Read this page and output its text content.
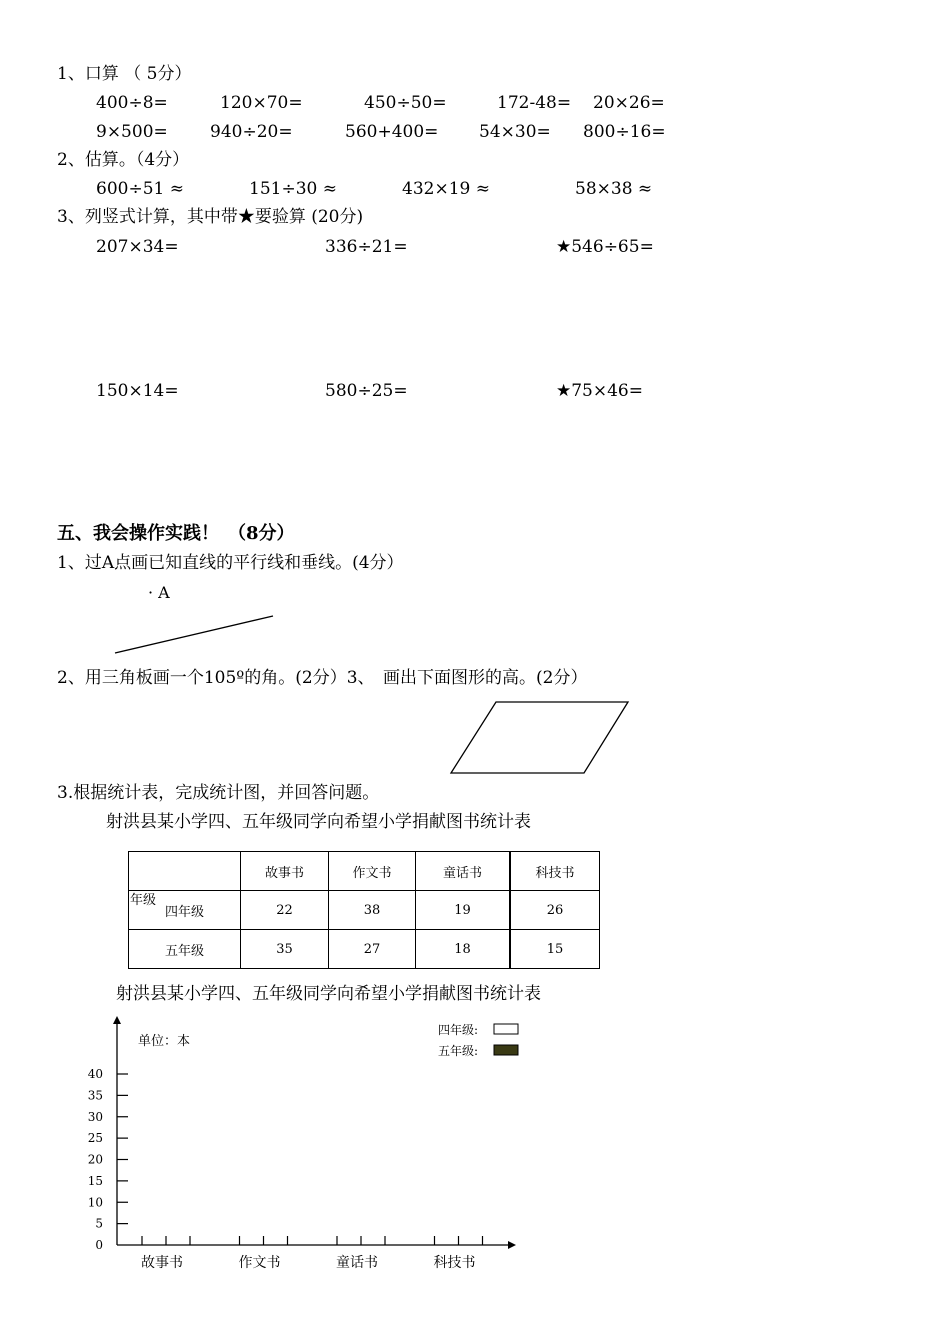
1、口算 （ 5分）
400÷8=	120×70=	450÷50=	172-48= 20×26=
9×500= 940÷20=	560+400= 54×30= 800÷16=
2、估算。（4分）
600÷51 ≈	151÷30 ≈	432×19 ≈	58×38 ≈
3、列竖式计算，其中带★要验算 (20分)
207×34=	336÷21=	★546÷65=
150×14=	580÷25=	★75×46=
五、我会操作实践！　（8分）
1、过A点画已知直线的平行线和垂线。(4分）
· A
2、用三角板画一个105º的角。(2分）3、　画出下面图形的高。(2分）
3.根据统计表，完成统计图，并回答问题。
射洪县某小学四、五年级同学向希望小学捐献图书统计表
	故事书	作文书	童话书	科技书

年级
四年级	22	38	19	26
五年级	35	27	18	15
射洪县某小学四、五年级同学向希望小学捐献图书统计表
40
35
30
25
20
15
10
5
0
故事书	作文书	童话书	科技书
单位：本
四年级:
五年级:
